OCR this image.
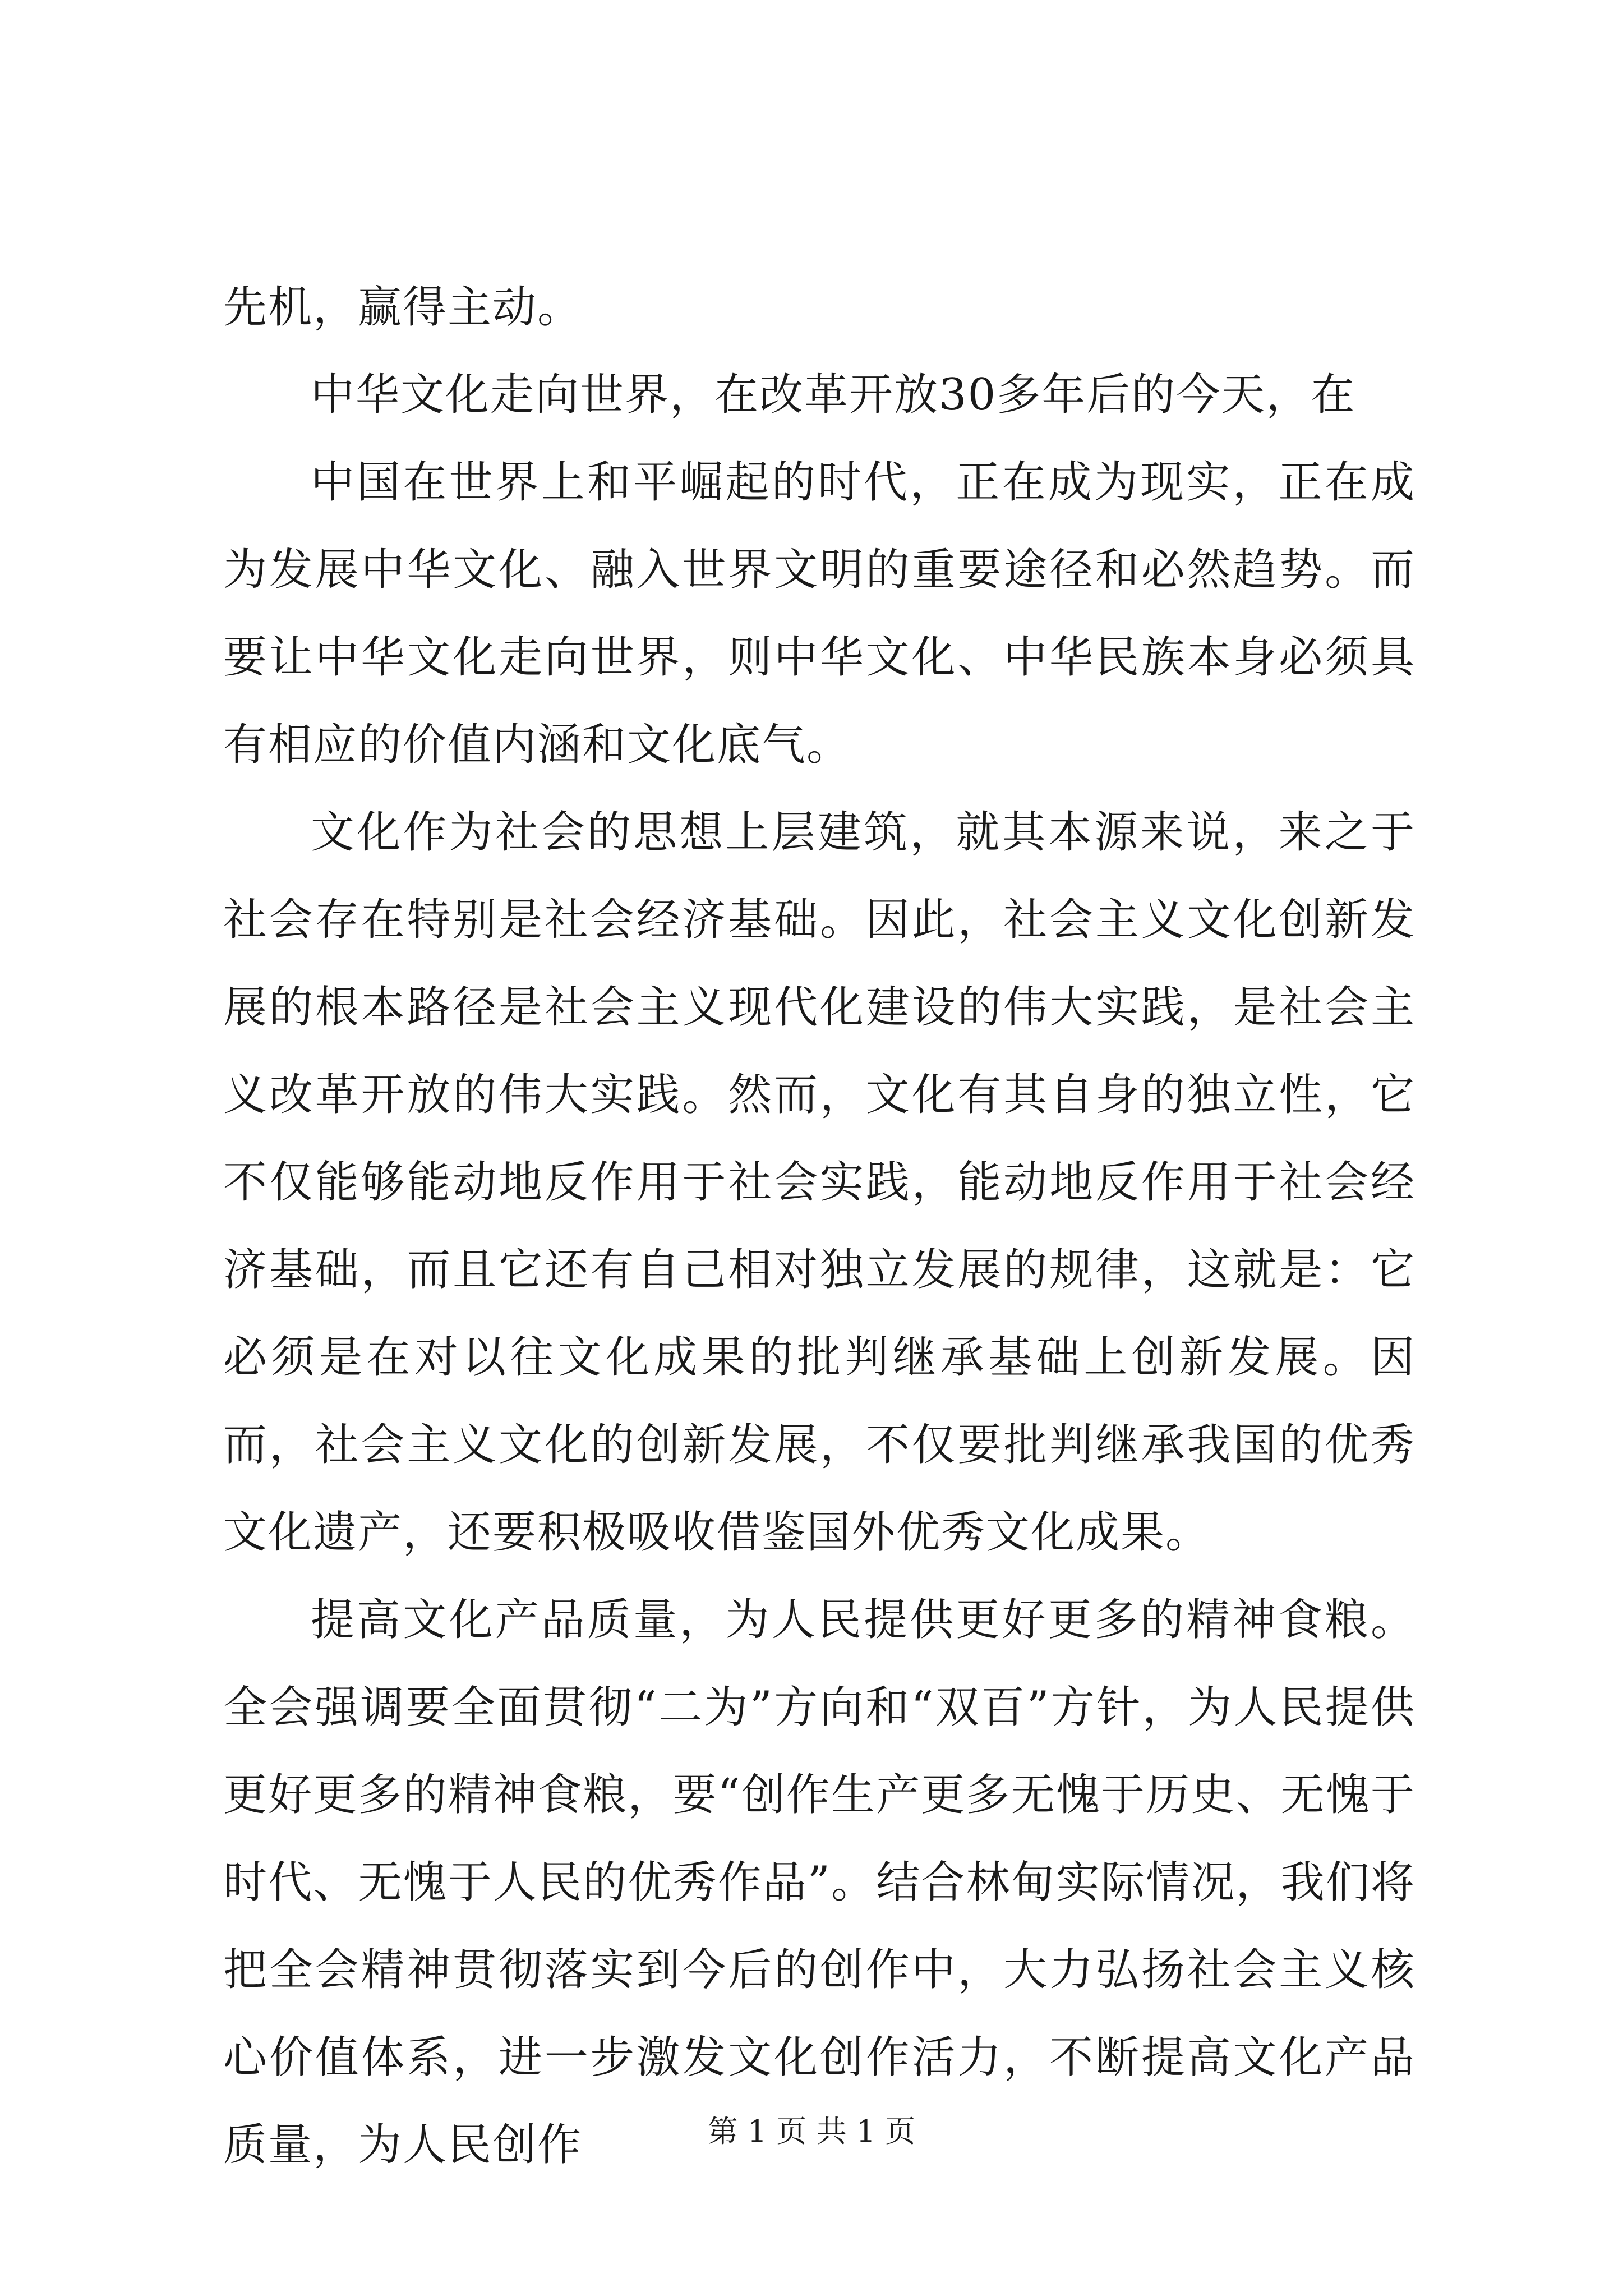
先机，赢得主动。

中华文化走向世界，在改革开放30多年后的今天，在

中国在世界上和平崛起的时代，正在成为现实，正在成为发展中华文化、融入世界文明的重要途径和必然趋势。而要让中华文化走向世界，则中华文化、中华民族本身必须具有相应的价值内涵和文化底气。

文化作为社会的思想上层建筑，就其本源来说，来之于社会存在特别是社会经济基础。因此，社会主义文化创新发展的根本路径是社会主义现代化建设的伟大实践，是社会主义改革开放的伟大实践。然而，文化有其自身的独立性，它不仅能够能动地反作用于社会实践，能动地反作用于社会经济基础，而且它还有自己相对独立发展的规律，这就是：它必须是在对以往文化成果的批判继承基础上创新发展。因而，社会主义文化的创新发展，不仅要批判继承我国的优秀文化遗产，还要积极吸收借鉴国外优秀文化成果。

提高文化产品质量，为人民提供更好更多的精神食粮。全会强调要全面贯彻“二为”方向和“双百”方针，为人民提供更好更多的精神食粮，要“创作生产更多无愧于历史、无愧于时代、无愧于人民的优秀作品”。结合林甸实际情况，我们将把全会精神贯彻落实到今后的创作中，大力弘扬社会主义核心价值体系，进一步激发文化创作活力，不断提高文化产品质量，为人民创作	第 1 页 共 1 页
